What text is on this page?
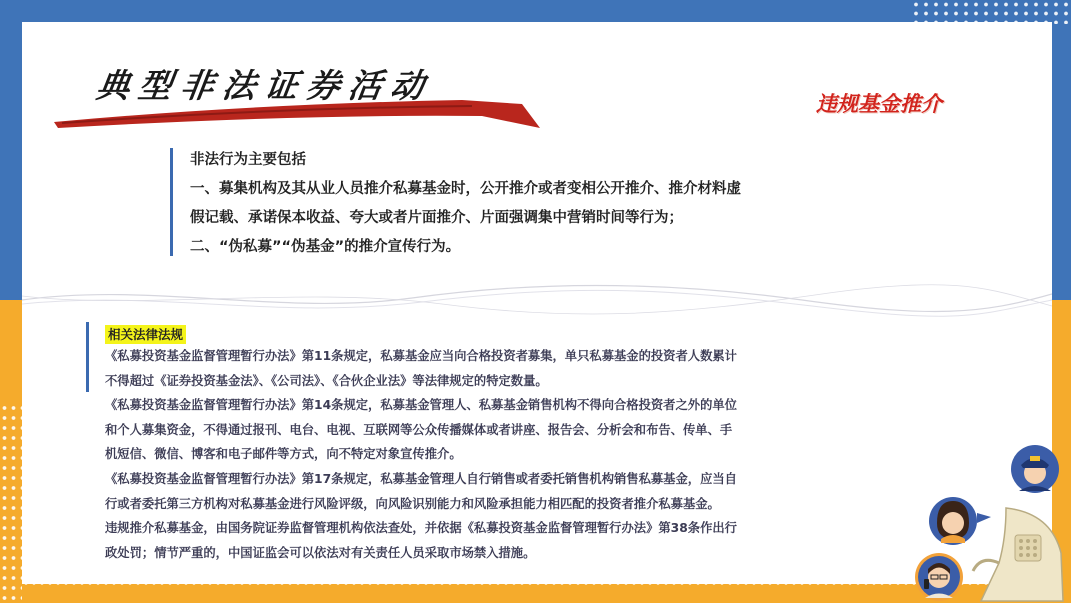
典型非法证券活动	违规基金推介
非法行为主要包括
一、募集机构及其从业人员推介私募基金时，公开推介或者变相公开推介、推介材料虚
假记载、承诺保本收益、夸大或者片面推介、片面强调集中营销时间等行为；
二、“伪私募”“伪基金”的推介宣传行为。
相关法律法规
《私募投资基金监督管理暂行办法》第11条规定，私募基金应当向合格投资者募集，单只私募基金的投资者人数累计
不得超过《证券投资基金法》、《公司法》、《合伙企业法》等法律规定的特定数量。
《私募投资基金监督管理暂行办法》第14条规定，私募基金管理人、私募基金销售机构不得向合格投资者之外的单位
和个人募集资金，不得通过报刊、电台、电视、互联网等公众传播媒体或者讲座、报告会、分析会和布告、传单、手
机短信、微信、博客和电子邮件等方式，向不特定对象宣传推介。
《私募投资基金监督管理暂行办法》第17条规定，私募基金管理人自行销售或者委托销售机构销售私募基金，应当自
行或者委托第三方机构对私募基金进行风险评级，向风险识别能力和风险承担能力相匹配的投资者推介私募基金。
违规推介私募基金，由国务院证券监督管理机构依法查处，并依据《私募投资基金监督管理暂行办法》第38条作出行
政处罚；情节严重的，中国证监会可以依法对有关责任人员采取市场禁入措施。
